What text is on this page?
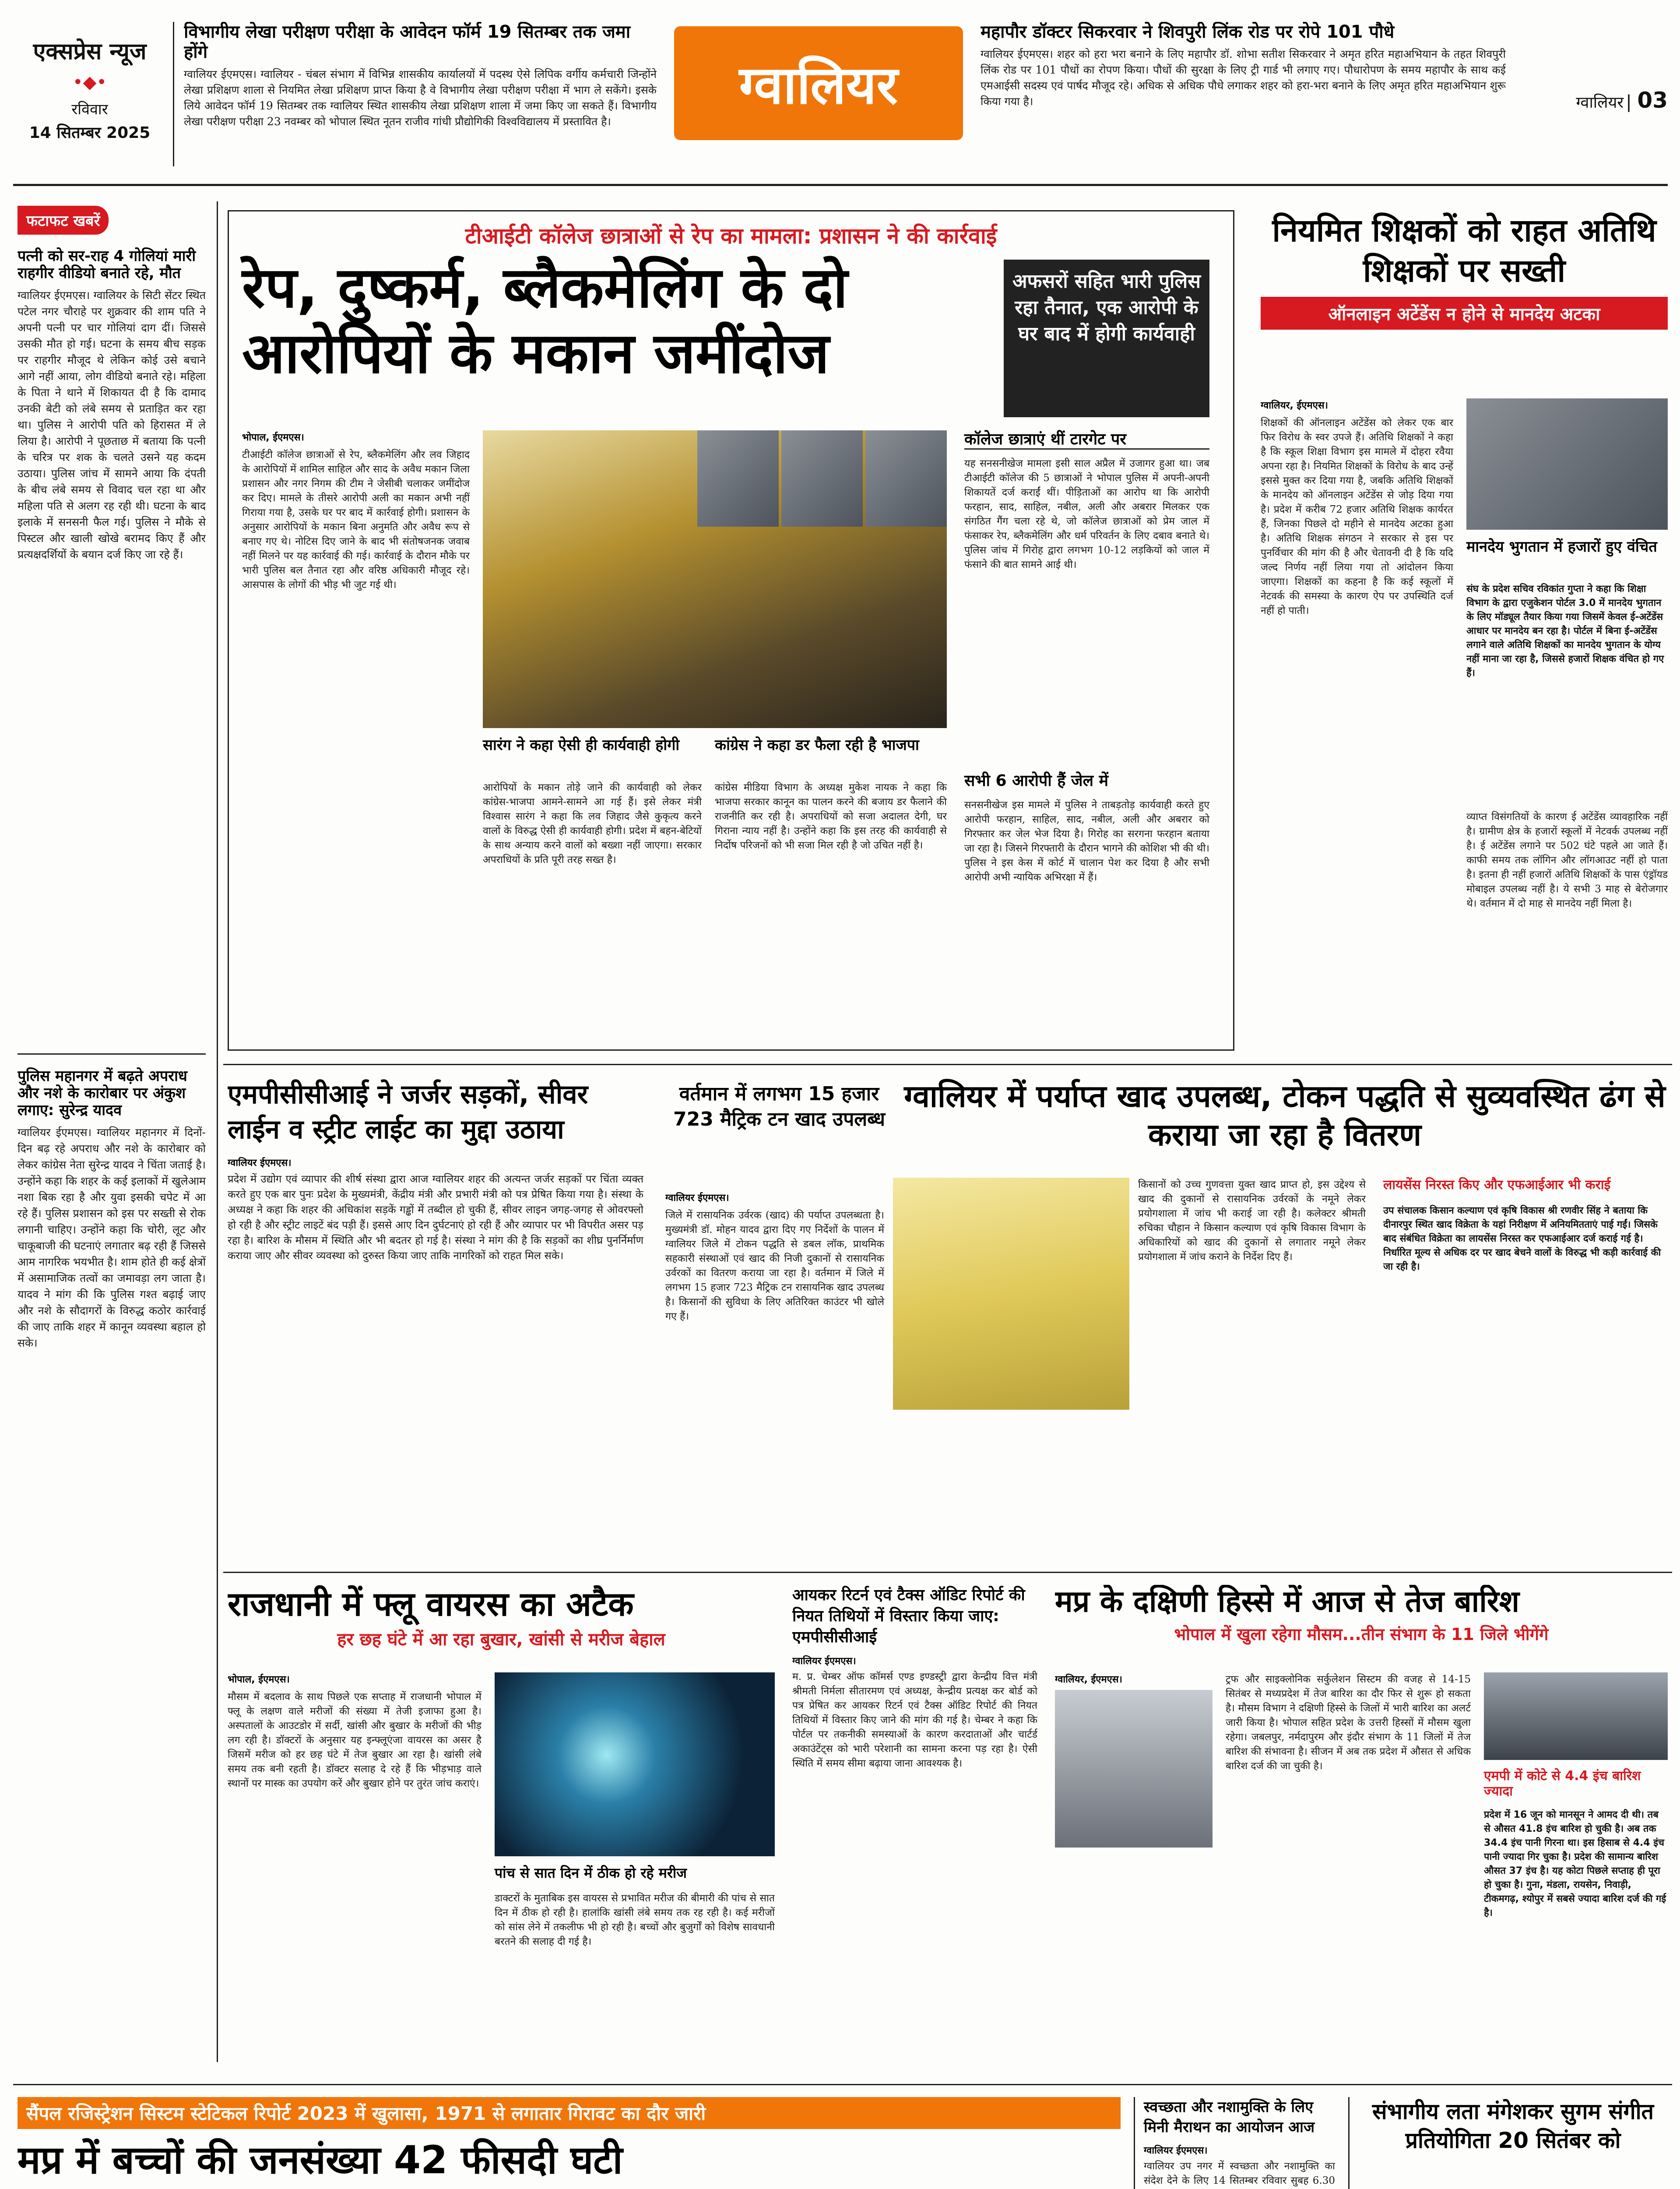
एक्सप्रेस न्यूज
•◆•
रविवार
14 सितम्बर 2025
विभागीय लेखा परीक्षण परीक्षा के आवेदन फॉर्म 19 सितम्बर तक जमा होंगे
ग्वालियर ईएमएस। ग्वालियर - चंबल संभाग में विभिन्न शासकीय कार्यालयों में पदस्थ ऐसे लिपिक वर्गीय कर्मचारी जिन्होंने लेखा प्रशिक्षण शाला से नियमित लेखा प्रशिक्षण प्राप्त किया है वे विभागीय लेखा परीक्षण परीक्षा में भाग ले सकेंगे। इसके लिये आवेदन फॉर्म 19 सितम्बर तक ग्वालियर स्थित शासकीय लेखा प्रशिक्षण शाला में जमा किए जा सकते हैं। विभागीय लेखा परीक्षण परीक्षा 23 नवम्बर को भोपाल स्थित नूतन राजीव गांधी प्रौद्योगिकी विश्वविद्यालय में प्रस्तावित है।
ग्वालियर
महापौर डॉक्टर सिकरवार ने शिवपुरी लिंक रोड पर रोपे 101 पौधे
ग्वालियर ईएमएस। शहर को हरा भरा बनाने के लिए महापौर डॉ. शोभा सतीश सिकरवार ने अमृत हरित महाअभियान के तहत शिवपुरी लिंक रोड पर 101 पौधों का रोपण किया। पौधों की सुरक्षा के लिए ट्री गार्ड भी लगाए गए। पौधारोपण के समय महापौर के साथ कई एमआईसी सदस्य एवं पार्षद मौजूद रहे। अधिक से अधिक पौधे लगाकर शहर को हरा-भरा बनाने के लिए अमृत हरित महाअभियान शुरू किया गया है।	ग्वालियर | 03
फटाफट खबरें
पत्नी को सर-राह 4 गोलियां मारी राहगीर वीडियो बनाते रहे, मौत
ग्वालियर ईएमएस। ग्वालियर के सिटी सेंटर स्थित पटेल नगर चौराहे पर शुक्रवार की शाम पति ने अपनी पत्नी पर चार गोलियां दाग दीं। जिससे उसकी मौत हो गई। घटना के समय बीच सड़क पर राहगीर मौजूद थे लेकिन कोई उसे बचाने आगे नहीं आया, लोग वीडियो बनाते रहे। महिला के पिता ने थाने में शिकायत दी है कि दामाद उनकी बेटी को लंबे समय से प्रताड़ित कर रहा था। पुलिस ने आरोपी पति को हिरासत में ले लिया है। आरोपी ने पूछताछ में बताया कि पत्नी के चरित्र पर शक के चलते उसने यह कदम उठाया। पुलिस जांच में सामने आया कि दंपती के बीच लंबे समय से विवाद चल रहा था और महिला पति से अलग रह रही थी। घटना के बाद इलाके में सनसनी फैल गई। पुलिस ने मौके से पिस्टल और खाली खोखे बरामद किए हैं और प्रत्यक्षदर्शियों के बयान दर्ज किए जा रहे हैं।
पुलिस महानगर में बढ़ते अपराध और नशे के कारोबार पर अंकुश लगाए: सुरेन्द्र यादव
ग्वालियर ईएमएस। ग्वालियर महानगर में दिनों-दिन बढ़ रहे अपराध और नशे के कारोबार को लेकर कांग्रेस नेता सुरेन्द्र यादव ने चिंता जताई है। उन्होंने कहा कि शहर के कई इलाकों में खुलेआम नशा बिक रहा है और युवा इसकी चपेट में आ रहे हैं। पुलिस प्रशासन को इस पर सख्ती से रोक लगानी चाहिए। उन्होंने कहा कि चोरी, लूट और चाकूबाजी की घटनाएं लगातार बढ़ रही हैं जिससे आम नागरिक भयभीत है। शाम होते ही कई क्षेत्रों में असामाजिक तत्वों का जमावड़ा लग जाता है। यादव ने मांग की कि पुलिस गश्त बढ़ाई जाए और नशे के सौदागरों के विरुद्ध कठोर कार्रवाई की जाए ताकि शहर में कानून व्यवस्था बहाल हो सके।
टीआईटी कॉलेज छात्राओं से रेप का मामला: प्रशासन ने की कार्रवाई
रेप, दुष्कर्म, ब्लैकमेलिंग के दो आरोपियों के मकान जमींदोज
अफसरों सहित भारी पुलिस रहा तैनात, एक आरोपी के घर बाद में होगी कार्यवाही
भोपाल, ईएमएस।
टीआईटी कॉलेज छात्राओं से रेप, ब्लैकमेलिंग और लव जिहाद के आरोपियों में शामिल साहिल और साद के अवैध मकान जिला प्रशासन और नगर निगम की टीम ने जेसीबी चलाकर जमींदोज कर दिए। मामले के तीसरे आरोपी अली का मकान अभी नहीं गिराया गया है, उसके घर पर बाद में कार्रवाई होगी। प्रशासन के अनुसार आरोपियों के मकान बिना अनुमति और अवैध रूप से बनाए गए थे। नोटिस दिए जाने के बाद भी संतोषजनक जवाब नहीं मिलने पर यह कार्रवाई की गई। कार्रवाई के दौरान मौके पर भारी पुलिस बल तैनात रहा और वरिष्ठ अधिकारी मौजूद रहे। आसपास के लोगों की भीड़ भी जुट गई थी।
सारंग ने कहा ऐसी ही कार्यवाही होगी
आरोपियों के मकान तोड़े जाने की कार्यवाही को लेकर कांग्रेस-भाजपा आमने-सामने आ गई हैं। इसे लेकर मंत्री विश्वास सारंग ने कहा कि लव जिहाद जैसे कुकृत्य करने वालों के विरुद्ध ऐसी ही कार्यवाही होगी। प्रदेश में बहन-बेटियों के साथ अन्याय करने वालों को बख्शा नहीं जाएगा। सरकार अपराधियों के प्रति पूरी तरह सख्त है।
कांग्रेस ने कहा डर फैला रही है भाजपा
कांग्रेस मीडिया विभाग के अध्यक्ष मुकेश नायक ने कहा कि भाजपा सरकार कानून का पालन करने की बजाय डर फैलाने की राजनीति कर रही है। अपराधियों को सजा अदालत देगी, घर गिराना न्याय नहीं है। उन्होंने कहा कि इस तरह की कार्यवाही से निर्दोष परिजनों को भी सजा मिल रही है जो उचित नहीं है।
कॉलेज छात्राएं थीं टारगेट पर
यह सनसनीखेज मामला इसी साल अप्रैल में उजागर हुआ था। जब टीआईटी कॉलेज की 5 छात्राओं ने भोपाल पुलिस में अपनी-अपनी शिकायतें दर्ज कराईं थीं। पीड़िताओं का आरोप था कि आरोपी फरहान, साद, साहिल, नबील, अली और अबरार मिलकर एक संगठित गैंग चला रहे थे, जो कॉलेज छात्राओं को प्रेम जाल में फंसाकर रेप, ब्लैकमेलिंग और धर्म परिवर्तन के लिए दबाव बनाते थे। पुलिस जांच में गिरोह द्वारा लगभग 10-12 लड़कियों को जाल में फंसाने की बात सामने आई थी।
सभी 6 आरोपी हैं जेल में
सनसनीखेज इस मामले में पुलिस ने ताबड़तोड़ कार्यवाही करते हुए आरोपी फरहान, साहिल, साद, नबील, अली और अबरार को गिरफ्तार कर जेल भेज दिया है। गिरोह का सरगना फरहान बताया जा रहा है। जिसने गिरफ्तारी के दौरान भागने की कोशिश भी की थी। पुलिस ने इस केस में कोर्ट में चालान पेश कर दिया है और सभी आरोपी अभी न्यायिक अभिरक्षा में हैं।
नियमित शिक्षकों को राहत अतिथि शिक्षकों पर सख्ती
ऑनलाइन अटेंडेंस न होने से मानदेय अटका
ग्वालियर, ईएमएस।
शिक्षकों की ऑनलाइन अटेंडेंस को लेकर एक बार फिर विरोध के स्वर उपजे हैं। अतिथि शिक्षकों ने कहा है कि स्कूल शिक्षा विभाग इस मामले में दोहरा रवैया अपना रहा है। नियमित शिक्षकों के विरोध के बाद उन्हें इससे मुक्त कर दिया गया है, जबकि अतिथि शिक्षकों के मानदेय को ऑनलाइन अटेंडेंस से जोड़ दिया गया है। प्रदेश में करीब 72 हजार अतिथि शिक्षक कार्यरत हैं, जिनका पिछले दो महीने से मानदेय अटका हुआ है। अतिथि शिक्षक संगठन ने सरकार से इस पर पुनर्विचार की मांग की है और चेतावनी दी है कि यदि जल्द निर्णय नहीं लिया गया तो आंदोलन किया जाएगा। शिक्षकों का कहना है कि कई स्कूलों में नेटवर्क की समस्या के कारण ऐप पर उपस्थिति दर्ज नहीं हो पाती।
मानदेय भुगतान में हजारों हुए वंचित
संघ के प्रदेश सचिव रविकांत गुप्ता ने कहा कि शिक्षा विभाग के द्वारा एजुकेशन पोर्टल 3.0 में मानदेय भुगतान के लिए मॉड्यूल तैयार किया गया जिसमें केवल ई-अटेंडेंस आधार पर मानदेय बन रहा है। पोर्टल में बिना ई-अटेंडेंस लगाने वाले अतिथि शिक्षकों का मानदेय भुगतान के योग्य नहीं माना जा रहा है, जिससे हजारों शिक्षक वंचित हो गए हैं।
व्याप्त विसंगतियों के कारण ई अटेंडेंस व्यावहारिक नहीं है। ग्रामीण क्षेत्र के हजारों स्कूलों में नेटवर्क उपलब्ध नहीं है। ई अटेंडेंस लगाने पर 502 घंटे पहले आ जाते हैं। काफी समय तक लॉगिन और लॉगआउट नहीं हो पाता है। इतना ही नहीं हजारों अतिथि शिक्षकों के पास एंड्रॉयड मोबाइल उपलब्ध नहीं है। ये सभी 3 माह से बेरोजगार थे। वर्तमान में दो माह से मानदेय नहीं मिला है।
एमपीसीसीआई ने जर्जर सड़कों, सीवर लाईन व स्ट्रीट लाईट का मुद्दा उठाया
ग्वालियर ईएमएस।
प्रदेश में उद्योग एवं व्यापार की शीर्ष संस्था द्वारा आज ग्वालियर शहर की अत्यन्त जर्जर सड़कों पर चिंता व्यक्त करते हुए एक बार पुनः प्रदेश के मुख्यमंत्री, केंद्रीय मंत्री और प्रभारी मंत्री को पत्र प्रेषित किया गया है। संस्था के अध्यक्ष ने कहा कि शहर की अधिकांश सड़कें गड्ढों में तब्दील हो चुकी हैं, सीवर लाइन जगह-जगह से ओवरफ्लो हो रही है और स्ट्रीट लाइटें बंद पड़ी हैं। इससे आए दिन दुर्घटनाएं हो रही हैं और व्यापार पर भी विपरीत असर पड़ रहा है। बारिश के मौसम में स्थिति और भी बदतर हो गई है। संस्था ने मांग की है कि सड़कों का शीघ्र पुनर्निर्माण कराया जाए और सीवर व्यवस्था को दुरुस्त किया जाए ताकि नागरिकों को राहत मिल सके।
वर्तमान में लगभग 15 हजार 723 मैट्रिक टन खाद उपलब्ध
ग्वालियर में पर्याप्त खाद उपलब्ध, टोकन पद्धति से सुव्यवस्थित ढंग से कराया जा रहा है वितरण
ग्वालियर ईएमएस।
जिले में रासायनिक उर्वरक (खाद) की पर्याप्त उपलब्धता है। मुख्यमंत्री डॉ. मोहन यादव द्वारा दिए गए निर्देशों के पालन में ग्वालियर जिले में टोकन पद्धति से डबल लॉक, प्राथमिक सहकारी संस्थाओं एवं खाद की निजी दुकानों से रासायनिक उर्वरकों का वितरण कराया जा रहा है। वर्तमान में जिले में लगभग 15 हजार 723 मैट्रिक टन रासायनिक खाद उपलब्ध है। किसानों की सुविधा के लिए अतिरिक्त काउंटर भी खोले गए हैं।
किसानों को उच्च गुणवत्ता युक्त खाद प्राप्त हो, इस उद्देश्य से खाद की दुकानों से रासायनिक उर्वरकों के नमूने लेकर प्रयोगशाला में जांच भी कराई जा रही है। कलेक्टर श्रीमती रुचिका चौहान ने किसान कल्याण एवं कृषि विकास विभाग के अधिकारियों को खाद की दुकानों से लगातार नमूने लेकर प्रयोगशाला में जांच कराने के निर्देश दिए हैं।
लायसेंस निरस्त किए और एफआईआर भी कराई
उप संचालक किसान कल्याण एवं कृषि विकास श्री रणवीर सिंह ने बताया कि दीनारपुर स्थित खाद विक्रेता के यहां निरीक्षण में अनियमितताएं पाई गईं। जिसके बाद संबंधित विक्रेता का लायसेंस निरस्त कर एफआईआर दर्ज कराई गई है। निर्धारित मूल्य से अधिक दर पर खाद बेचने वालों के विरुद्ध भी कड़ी कार्रवाई की जा रही है।
राजधानी में फ्लू वायरस का अटैक
हर छह घंटे में आ रहा बुखार, खांसी से मरीज बेहाल
भोपाल, ईएमएस।
मौसम में बदलाव के साथ पिछले एक सप्ताह में राजधानी भोपाल में फ्लू के लक्षण वाले मरीजों की संख्या में तेजी इजाफा हुआ है। अस्पतालों के आउटडोर में सर्दी, खांसी और बुखार के मरीजों की भीड़ लग रही है। डॉक्टरों के अनुसार यह इन्फ्लूएंजा वायरस का असर है जिसमें मरीज को हर छह घंटे में तेज बुखार आ रहा है। खांसी लंबे समय तक बनी रहती है। डॉक्टर सलाह दे रहे हैं कि भीड़भाड़ वाले स्थानों पर मास्क का उपयोग करें और बुखार होने पर तुरंत जांच कराएं।
पांच से सात दिन में ठीक हो रहे मरीज
डाक्टरों के मुताबिक इस वायरस से प्रभावित मरीज की बीमारी की पांच से सात दिन में ठीक हो रही है। हालांकि खांसी लंबे समय तक रह रही है। कई मरीजों को सांस लेने में तकलीफ भी हो रही है। बच्चों और बुजुर्गों को विशेष सावधानी बरतने की सलाह दी गई है।
आयकर रिटर्न एवं टैक्स ऑडिट रिपोर्ट की नियत तिथियों में विस्तार किया जाए: एमपीसीसीआई
ग्वालियर ईएमएस।
म. प्र. चेम्बर ऑफ कॉमर्स एण्ड इण्डस्ट्री द्वारा केन्द्रीय वित्त मंत्री श्रीमती निर्मला सीतारमण एवं अध्यक्ष, केन्द्रीय प्रत्यक्ष कर बोर्ड को पत्र प्रेषित कर आयकर रिटर्न एवं टैक्स ऑडिट रिपोर्ट की नियत तिथियों में विस्तार किए जाने की मांग की गई है। चेम्बर ने कहा कि पोर्टल पर तकनीकी समस्याओं के कारण करदाताओं और चार्टर्ड अकाउंटेंट्स को भारी परेशानी का सामना करना पड़ रहा है। ऐसी स्थिति में समय सीमा बढ़ाया जाना आवश्यक है।
मप्र के दक्षिणी हिस्से में आज से तेज बारिश
भोपाल में खुला रहेगा मौसम...तीन संभाग के 11 जिले भीगेंगे
ग्वालियर, ईएमएस।	ट्रफ और साइक्लोनिक सर्कुलेशन सिस्टम की वजह से 14-15 सितंबर से मध्यप्रदेश में तेज बारिश का दौर फिर से शुरू हो सकता है। मौसम विभाग ने दक्षिणी हिस्से के जिलों में भारी बारिश का अलर्ट जारी किया है। भोपाल सहित प्रदेश के उत्तरी हिस्सों में मौसम खुला रहेगा। जबलपुर, नर्मदापुरम और इंदौर संभाग के 11 जिलों में तेज बारिश की संभावना है। सीजन में अब तक प्रदेश में औसत से अधिक बारिश दर्ज की जा चुकी है।
एमपी में कोटे से 4.4 इंच बारिश ज्यादा
प्रदेश में 16 जून को मानसून ने आमद दी थी। तब से औसत 41.8 इंच बारिश हो चुकी है। अब तक 34.4 इंच पानी गिरना था। इस हिसाब से 4.4 इंच पानी ज्यादा गिर चुका है। प्रदेश की सामान्य बारिश औसत 37 इंच है। यह कोटा पिछले सप्ताह ही पूरा हो चुका है। गुना, मंडला, रायसेन, निवाड़ी, टीकमगढ़, श्योपुर में सबसे ज्यादा बारिश दर्ज की गई है।
सैंपल रजिस्ट्रेशन सिस्टम स्टेटिकल रिपोर्ट 2023 में खुलासा, 1971 से लगातार गिरावट का दौर जारी
मप्र में बच्चों की जनसंख्या 42 फीसदी घटी
स्वच्छता और नशामुक्ति के लिए मिनी मैराथन का आयोजन आज
ग्वालियर ईएमएस।
ग्वालियर उप नगर में स्वच्छता और नशामुक्ति का संदेश देने के लिए 14 सितम्बर रविवार सुबह 6.30
संभागीय लता मंगेशकर सुगम संगीत प्रतियोगिता 20 सितंबर को
